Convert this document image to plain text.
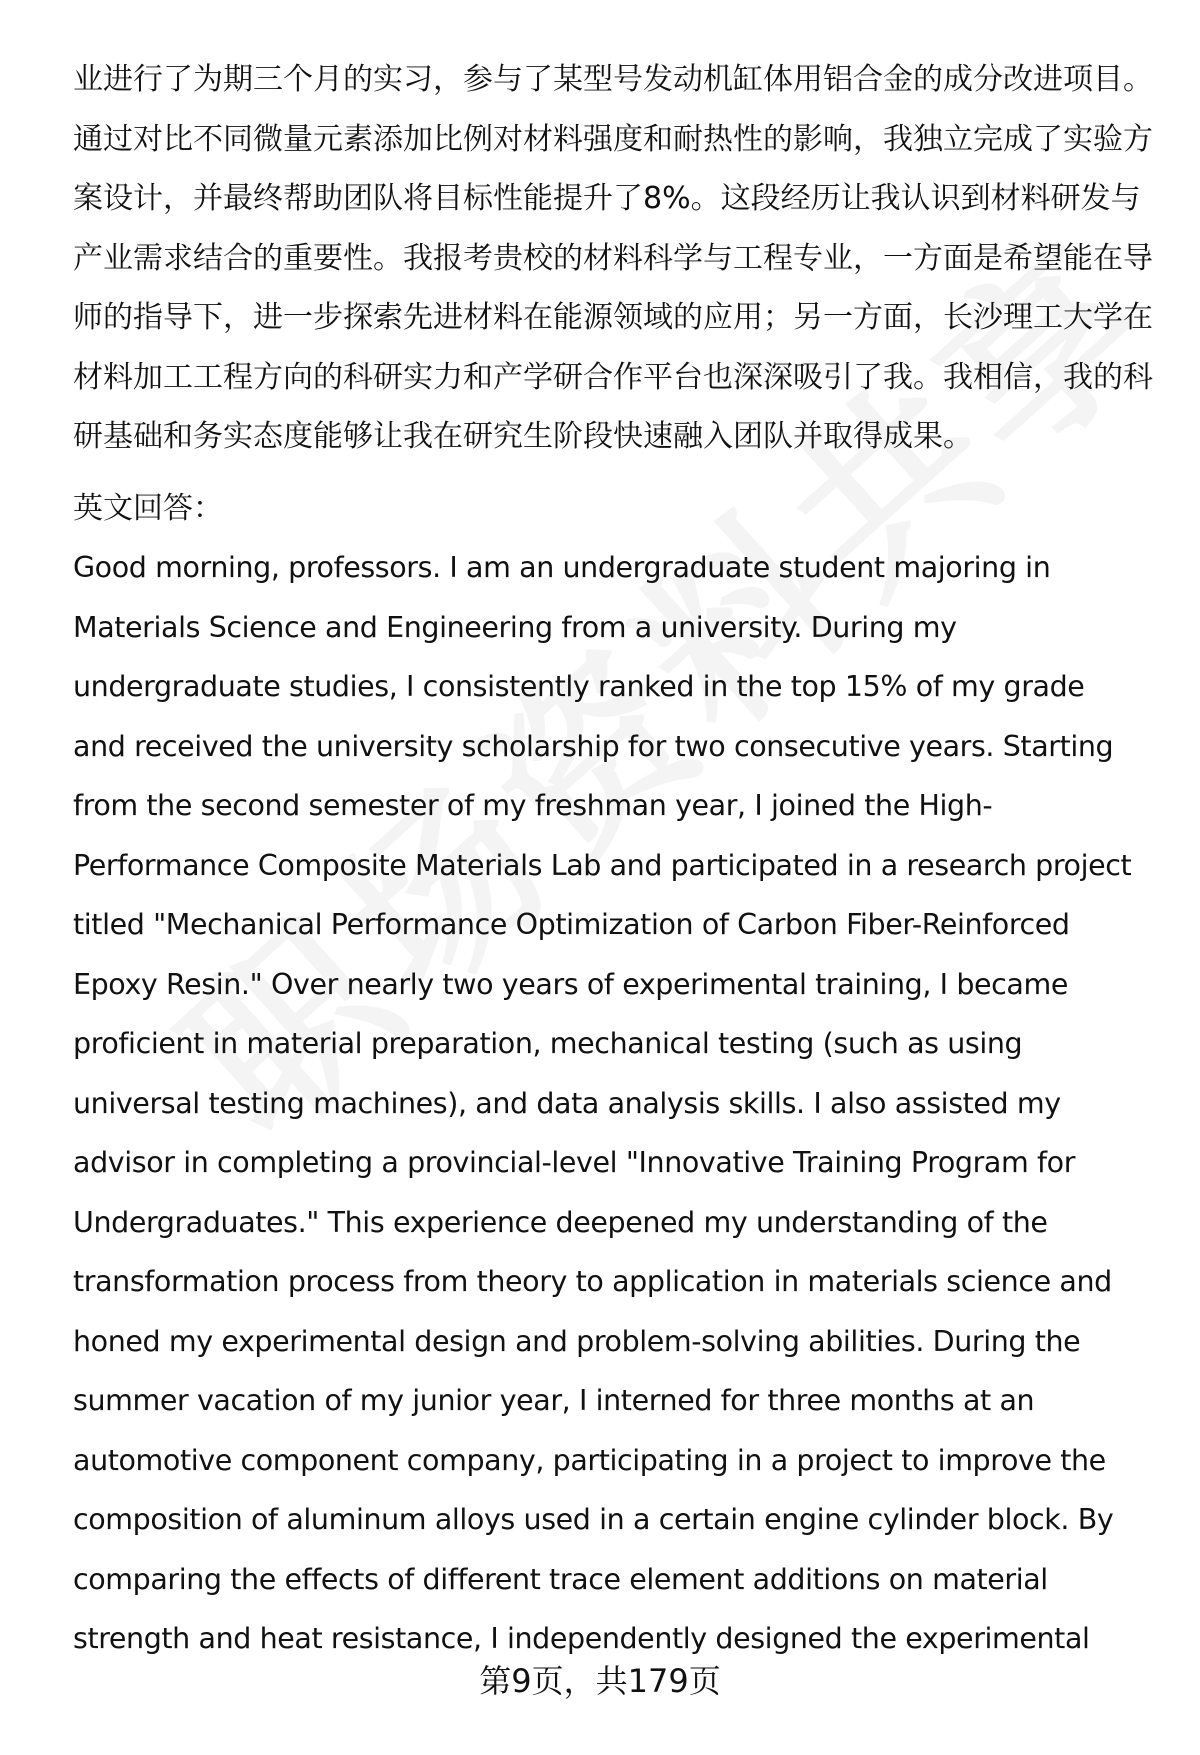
业进行了为期三个月的实习，参与了某型号发动机缸体用铝合金的成分改进项目。

通过对比不同微量元素添加比例对材料强度和耐热性的影响，我独立完成了实验方

案设计，并最终帮助团队将目标性能提升了8%。这段经历让我认识到材料研发与

产业需求结合的重要性。我报考贵校的材料科学与工程专业，一方面是希望能在导

师的指导下，进一步探索先进材料在能源领域的应用；另一方面，长沙理工大学在

材料加工工程方向的科研实力和产学研合作平台也深深吸引了我。我相信，我的科

研基础和务实态度能够让我在研究生阶段快速融入团队并取得成果。

英文回答：

Good morning, professors. I am an undergraduate student majoring in

Materials Science and Engineering from a university. During my

undergraduate studies, I consistently ranked in the top 15% of my grade

and received the university scholarship for two consecutive years. Starting

from the second semester of my freshman year, I joined the High-

Performance Composite Materials Lab and participated in a research project

titled "Mechanical Performance Optimization of Carbon Fiber-Reinforced

Epoxy Resin." Over nearly two years of experimental training, I became

proficient in material preparation, mechanical testing (such as using

universal testing machines), and data analysis skills. I also assisted my

advisor in completing a provincial-level "Innovative Training Program for

Undergraduates." This experience deepened my understanding of the

transformation process from theory to application in materials science and

honed my experimental design and problem-solving abilities. During the

summer vacation of my junior year, I interned for three months at an

automotive component company, participating in a project to improve the

composition of aluminum alloys used in a certain engine cylinder block. By

comparing the effects of different trace element additions on material

strength and heat resistance, I independently designed the experimental

第9页，共179页
